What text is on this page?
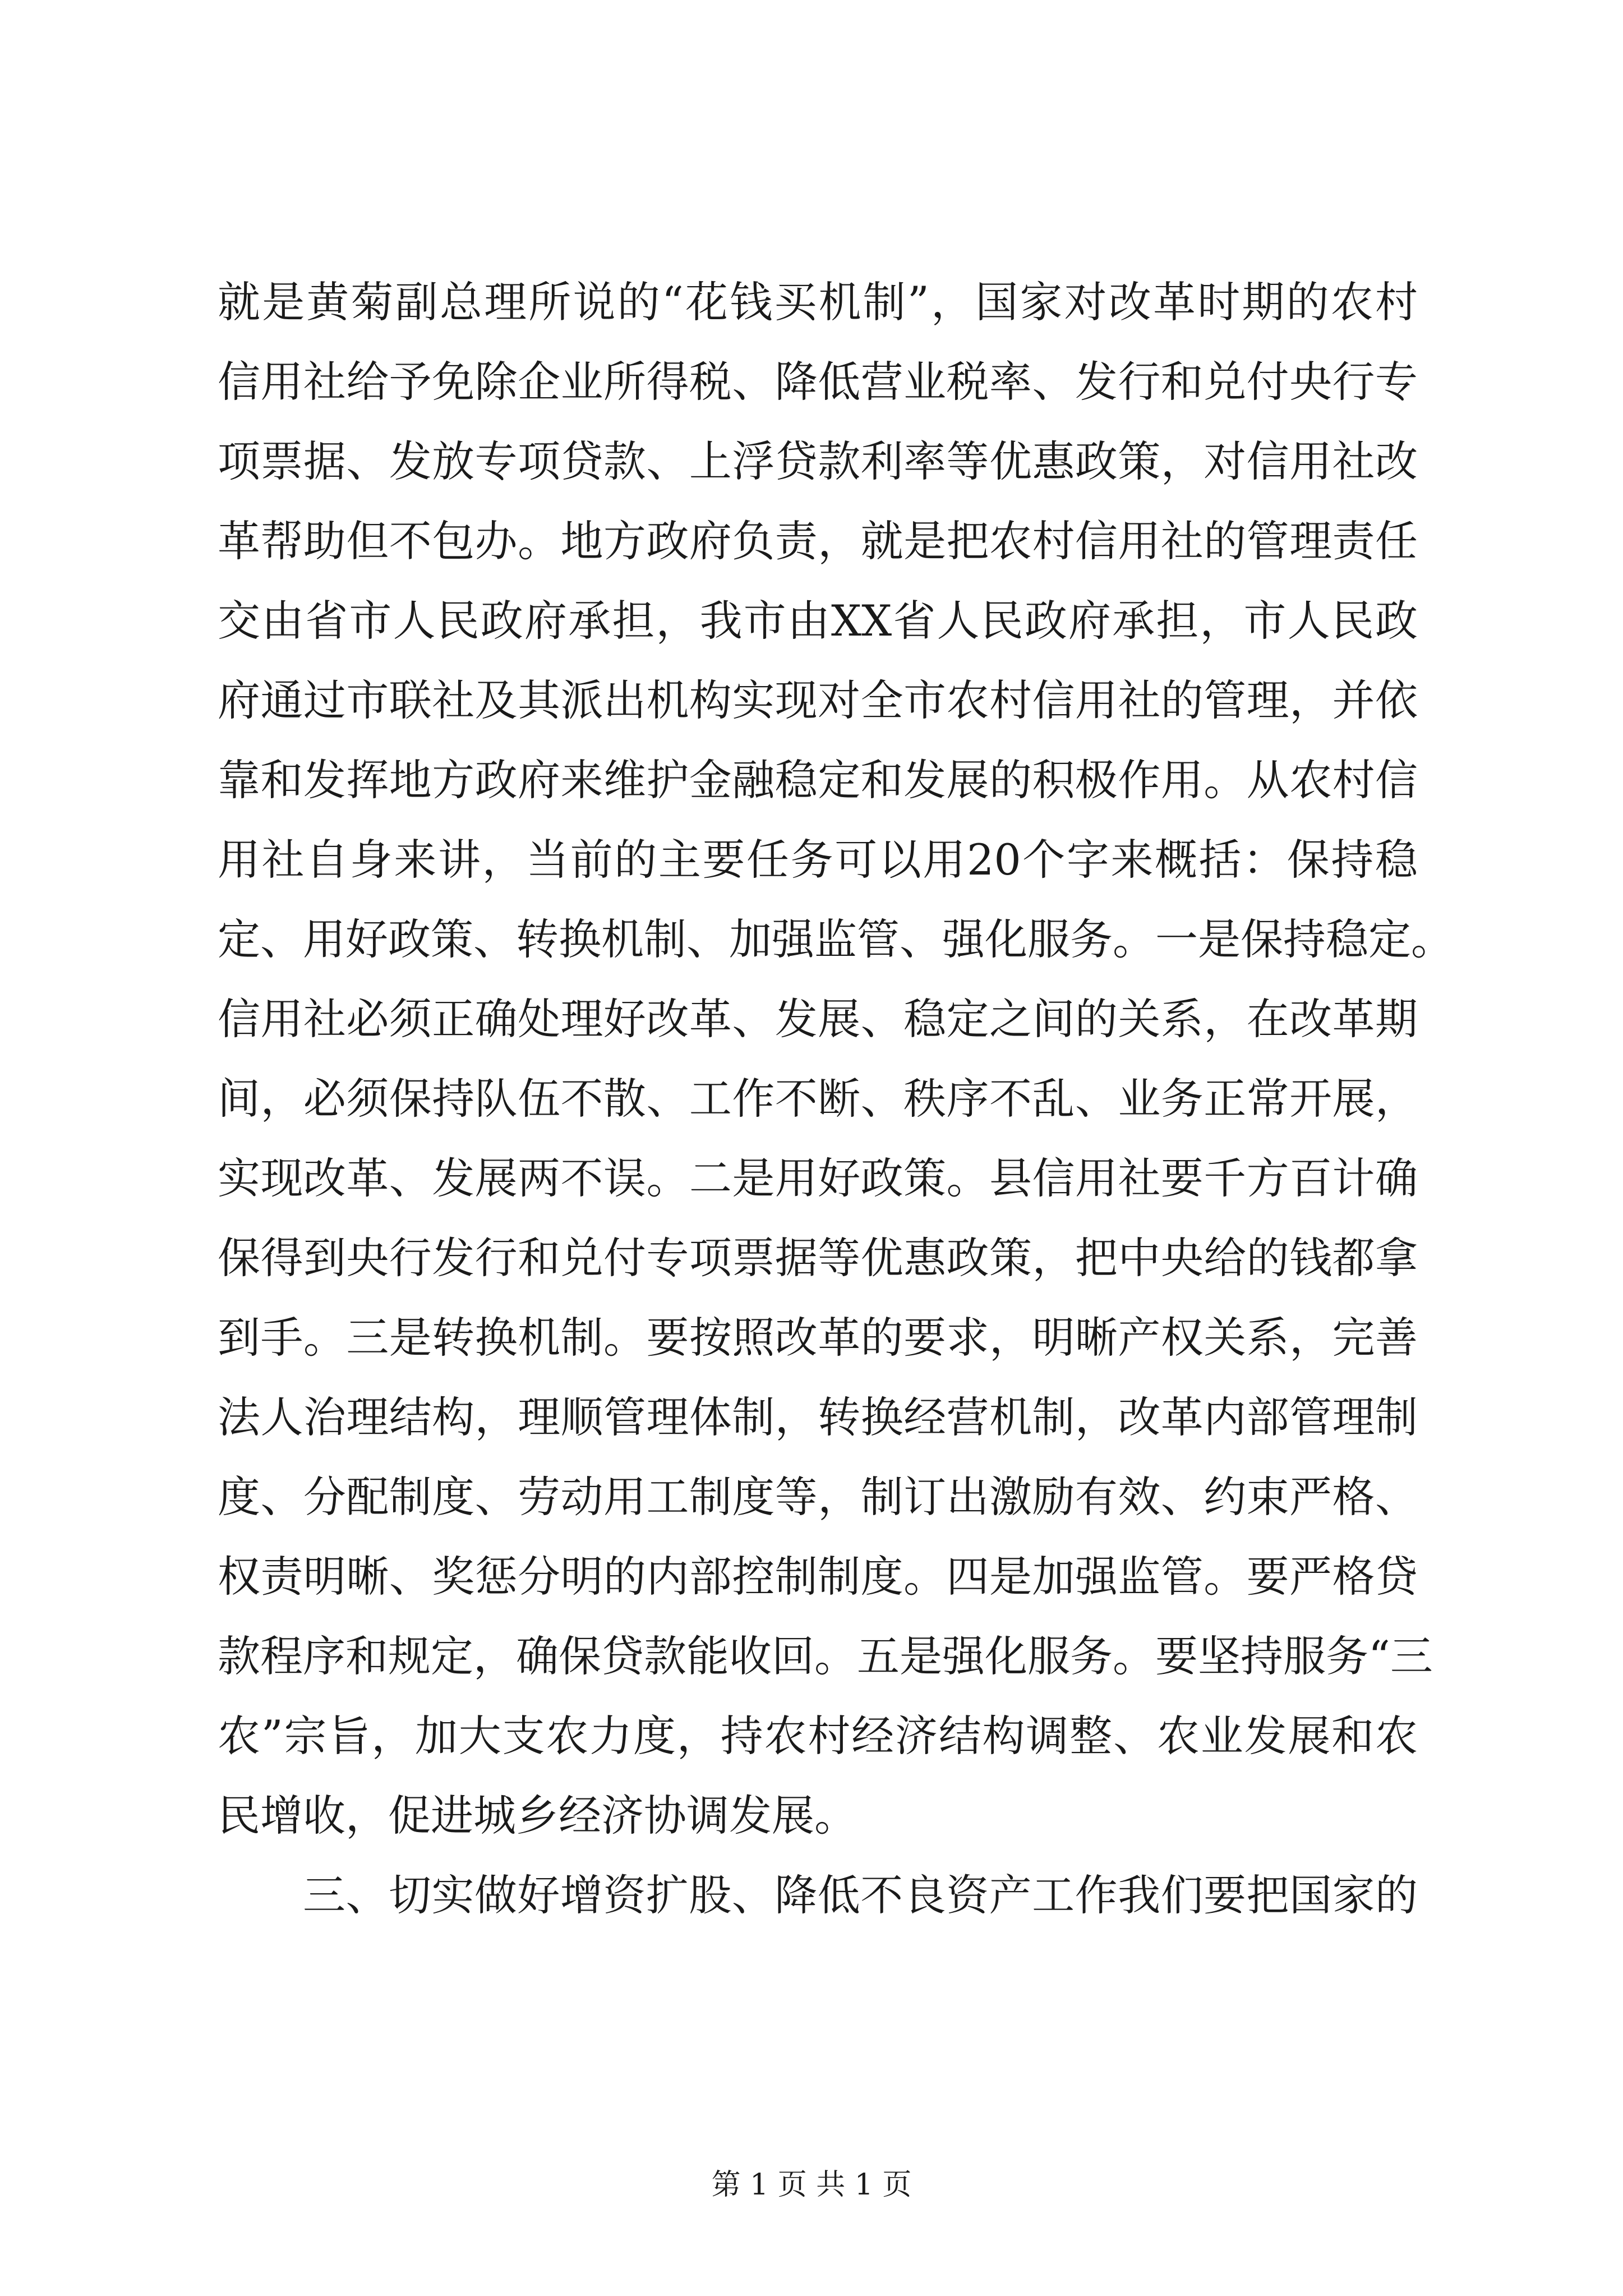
就是黄菊副总理所说的“花钱买机制”，国家对改革时期的农村
信用社给予免除企业所得税、降低营业税率、发行和兑付央行专
项票据、发放专项贷款、上浮贷款利率等优惠政策，对信用社改
革帮助但不包办。地方政府负责，就是把农村信用社的管理责任
交由省市人民政府承担，我市由XX省人民政府承担，市人民政
府通过市联社及其派出机构实现对全市农村信用社的管理，并依
靠和发挥地方政府来维护金融稳定和发展的积极作用。从农村信
用社自身来讲，当前的主要任务可以用20个字来概括：保持稳
定、用好政策、转换机制、加强监管、强化服务。一是保持稳定。
信用社必须正确处理好改革、发展、稳定之间的关系，在改革期
间，必须保持队伍不散、工作不断、秩序不乱、业务正常开展，
实现改革、发展两不误。二是用好政策。县信用社要千方百计确
保得到央行发行和兑付专项票据等优惠政策，把中央给的钱都拿
到手。三是转换机制。要按照改革的要求，明晰产权关系，完善
法人治理结构，理顺管理体制，转换经营机制，改革内部管理制
度、分配制度、劳动用工制度等，制订出激励有效、约束严格、
权责明晰、奖惩分明的内部控制制度。四是加强监管。要严格贷
款程序和规定，确保贷款能收回。五是强化服务。要坚持服务“三
农”宗旨，加大支农力度，持农村经济结构调整、农业发展和农
民增收，促进城乡经济协调发展。
三、切实做好增资扩股、降低不良资产工作我们要把国家的
第 1 页 共 1 页
